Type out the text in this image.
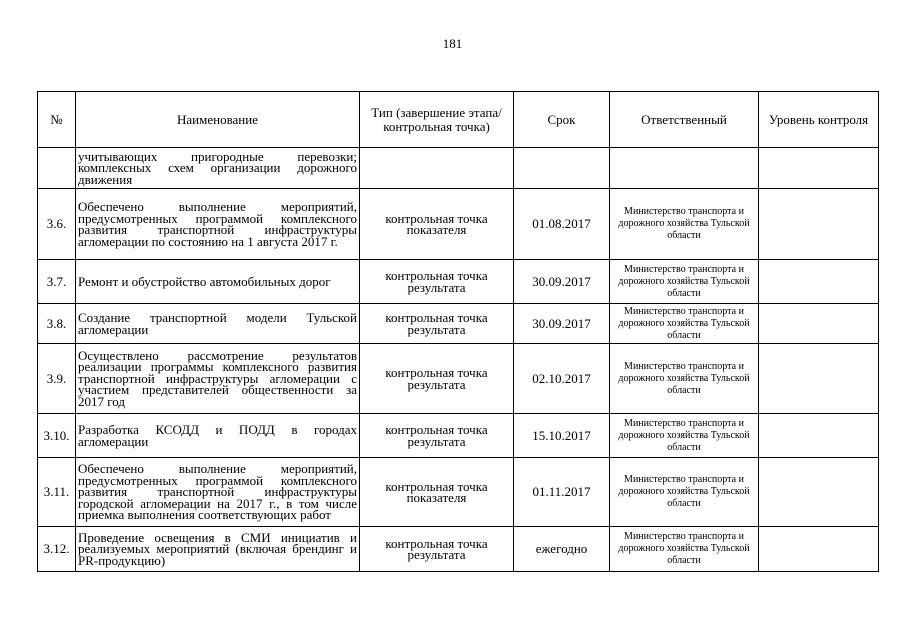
181
№	Наименование	Тип (завершение этапа/контрольная точка)	Срок	Ответственный	Уровень контроля
	учитывающих пригородные перевозки; комплексных схем организации дорожного движения				
3.6.	Обеспечено выполнение мероприятий, предусмотренных программой комплексного развития транспортной инфраструктуры агломерации по состоянию на 1 августа 2017 г.	контрольная точка показателя	01.08.2017	Министерство транспорта и дорожного хозяйства Тульской области	
3.7.	Ремонт и обустройство автомобильных дорог	контрольная точка результата	30.09.2017	Министерство транспорта и дорожного хозяйства Тульской области	
3.8.	Создание транспортной модели Тульской агломерации	контрольная точка результата	30.09.2017	Министерство транспорта и дорожного хозяйства Тульской области	
3.9.	Осуществлено рассмотрение результатов реализации программы комплексного развития транспортной инфраструктуры агломерации с участием представителей общественности за 2017 год	контрольная точка результата	02.10.2017	Министерство транспорта и дорожного хозяйства Тульской области	
3.10.	Разработка КСОДД и ПОДД в городах агломерации	контрольная точка результата	15.10.2017	Министерство транспорта и дорожного хозяйства Тульской области	
3.11.	Обеспечено выполнение мероприятий, предусмотренных программой комплексного развития транспортной инфраструктуры городской агломерации на 2017 г., в том числе приемка выполнения соответствующих работ	контрольная точка показателя	01.11.2017	Министерство транспорта и дорожного хозяйства Тульской области	
3.12.	Проведение освещения в СМИ инициатив и реализуемых мероприятий (включая брендинг и PR-продукцию)	контрольная точка результата	ежегодно	Министерство транспорта и дорожного хозяйства Тульской области	
